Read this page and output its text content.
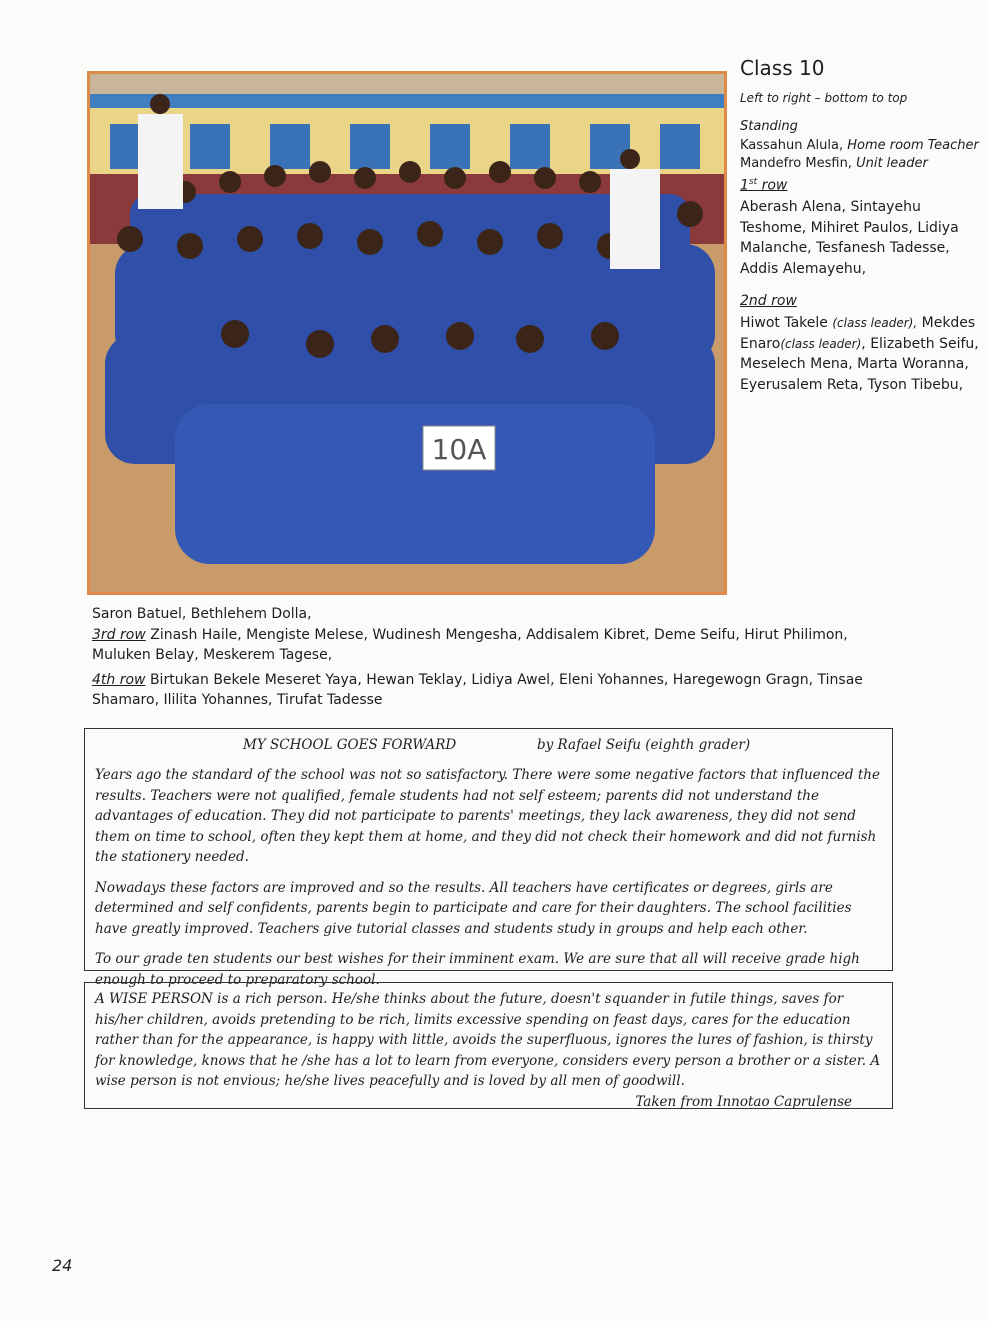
10A
Class 10
Left to right – bottom to top
Standing
Kassahun Alula, Home room Teacher
Mandefro Mesfin, Unit leader
1st row
Aberash Alena, Sintayehu Teshome, Mihiret Paulos, Lidiya Malanche, Tesfanesh Tadesse, Addis Alemayehu,
2nd row
Hiwot Takele (class leader), Mekdes Enaro(class leader), Elizabeth Seifu, Meselech Mena, Marta Woranna, Eyerusalem Reta, Tyson Tibebu,

Saron Batuel, Bethlehem Dolla,

3rd row Zinash Haile, Mengiste Melese, Wudinesh Mengesha, Addisalem Kibret, Deme Seifu, Hirut Philimon, Muluken Belay, Meskerem Tagese,

4th row Birtukan Bekele Meseret Yaya, Hewan Teklay, Lidiya Awel, Eleni Yohannes, Haregewogn Gragn, Tinsae Shamaro, Ililita Yohannes, Tirufat Tadesse

MY SCHOOL GOES FORWARD	by Rafael Seifu (eighth grader)

Years ago the standard of the school was not so satisfactory. There were some negative factors that influenced the results. Teachers were not qualified, female students had not self esteem; parents did not understand the advantages of education. They did not participate to parents' meetings, they lack awareness, they did not send them on time to school, often they kept them at home, and they did not check their homework and did not furnish the stationery needed.

Nowadays these factors are improved and so the results. All teachers have certificates or degrees, girls are determined and self confidents, parents begin to participate and care for their daughters. The school facilities have greatly improved. Teachers give tutorial classes and students study in groups and help each other.

To our grade ten students our best wishes for their imminent exam. We are sure that all will receive grade high enough to proceed to preparatory school.

A WISE PERSON is a rich person. He/she thinks about the future, doesn't squander in futile things, saves for his/her children, avoids pretending to be rich, limits excessive spending on feast days, cares for the education rather than for the appearance, is happy with little, avoids the superfluous, ignores the lures of fashion, is thirsty for knowledge, knows that he /she has a lot to learn from everyone, considers every person a brother or a sister. A wise person is not envious; he/she lives peacefully and is loved by all men of goodwill.
Taken from Innotao Caprulense

24
